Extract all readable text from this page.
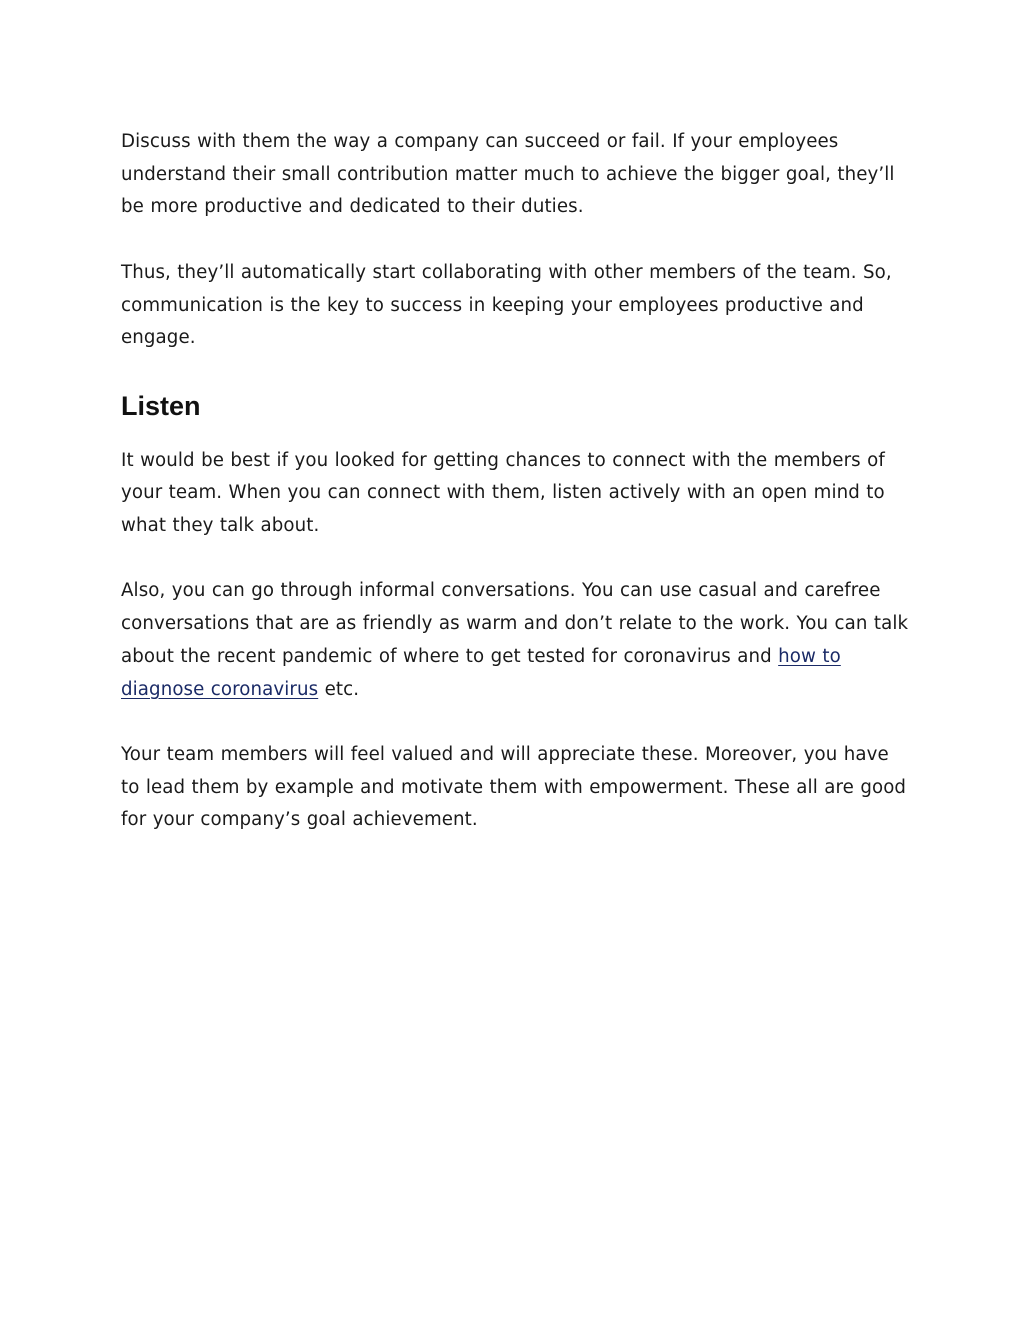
Discuss with them the way a company can succeed or fail. If your employees understand their small contribution matter much to achieve the bigger goal, they’ll be more productive and dedicated to their duties.

Thus, they’ll automatically start collaborating with other members of the team. So, communication is the key to success in keeping your employees productive and engage.

Listen

It would be best if you looked for getting chances to connect with the members of your team. When you can connect with them, listen actively with an open mind to what they talk about.

Also, you can go through informal conversations. You can use casual and carefree conversations that are as friendly as warm and don’t relate to the work. You can talk about the recent pandemic of where to get tested for coronavirus and how to diagnose coronavirus etc.

Your team members will feel valued and will appreciate these. Moreover, you have to lead them by example and motivate them with empowerment. These all are good for your company’s goal achievement.
